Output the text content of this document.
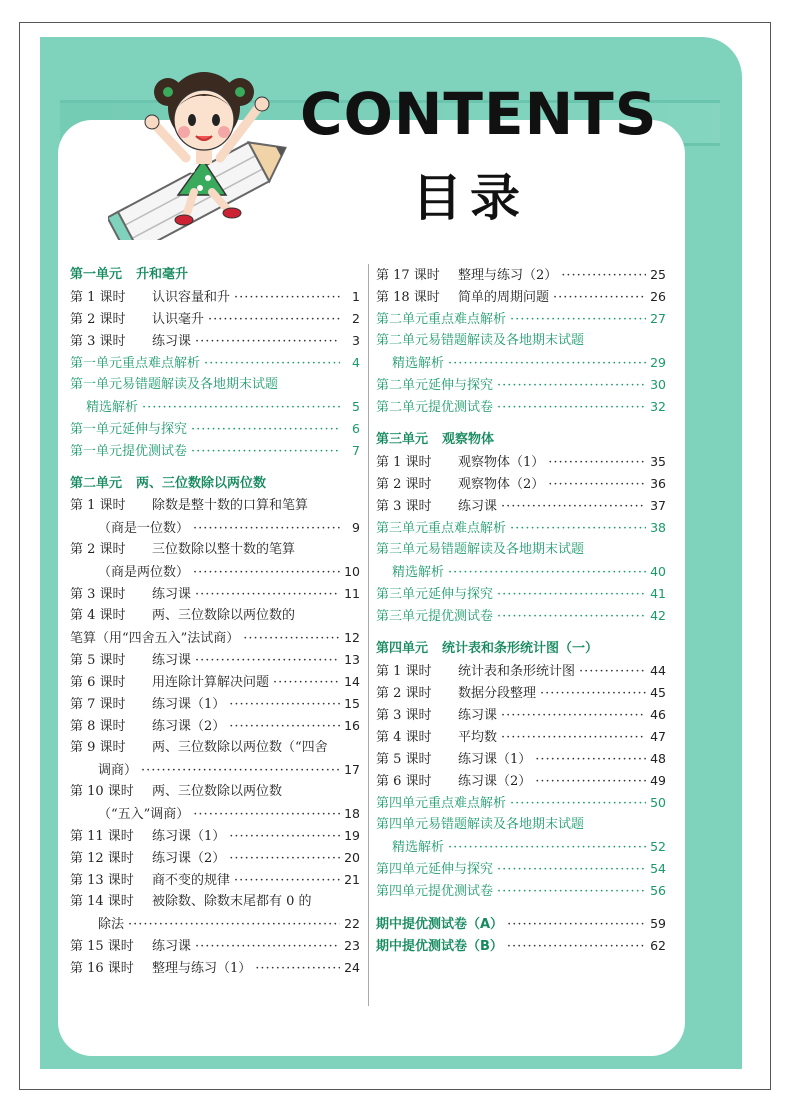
CONTENTS
目录
第一单元	升和毫升
第 1 课时	认识容量和升 ·····	1
第 2 课时	认识毫升 ·····	2
第 3 课时	练习课 ·····	3
第一单元重点难点解析 ·····	4
第一单元易错题解读及各地期末试题
精选解析 ·····	5
第一单元延伸与探究 ·····	6
第一单元提优测试卷 ·····	7
第二单元	两、三位数除以两位数
第 1 课时	除数是整十数的口算和笔算
（商是一位数） ·····	9
第 2 课时	三位数除以整十数的笔算
（商是两位数） ·····	10
第 3 课时	练习课 ·····	11
第 4 课时	两、三位数除以两位数的
笔算（用“四舍五入”法试商） ·····	12
第 5 课时	练习课 ·····	13
第 6 课时	用连除计算解决问题 ·····	14
第 7 课时	练习课（1） ·····	15
第 8 课时	练习课（2） ·····	16
第 9 课时	两、三位数除以两位数（“四舍
调商） ·····	17
第 10 课时	两、三位数除以两位数
（“五入”调商） ·····	18
第 11 课时	练习课（1） ·····	19
第 12 课时	练习课（2） ·····	20
第 13 课时	商不变的规律 ·····	21
第 14 课时	被除数、除数末尾都有 0 的
除法 ·····	22
第 15 课时	练习课 ·····	23
第 16 课时	整理与练习（1） ·····	24
第 17 课时	整理与练习（2） ·····	25
第 18 课时	简单的周期问题 ·····	26
第二单元重点难点解析 ·····	27
第二单元易错题解读及各地期末试题
精选解析 ·····	29
第二单元延伸与探究 ·····	30
第二单元提优测试卷 ·····	32
第三单元	观察物体
第 1 课时	观察物体（1） ·····	35
第 2 课时	观察物体（2） ·····	36
第 3 课时	练习课 ·····	37
第三单元重点难点解析 ·····	38
第三单元易错题解读及各地期末试题
精选解析 ·····	40
第三单元延伸与探究 ·····	41
第三单元提优测试卷 ·····	42
第四单元	统计表和条形统计图（一）
第 1 课时	统计表和条形统计图 ·····	44
第 2 课时	数据分段整理 ·····	45
第 3 课时	练习课 ·····	46
第 4 课时	平均数 ·····	47
第 5 课时	练习课（1） ·····	48
第 6 课时	练习课（2） ·····	49
第四单元重点难点解析 ·····	50
第四单元易错题解读及各地期末试题
精选解析 ·····	52
第四单元延伸与探究 ·····	54
第四单元提优测试卷 ·····	56
期中提优测试卷（A） ·····	59
期中提优测试卷（B） ·····	62
